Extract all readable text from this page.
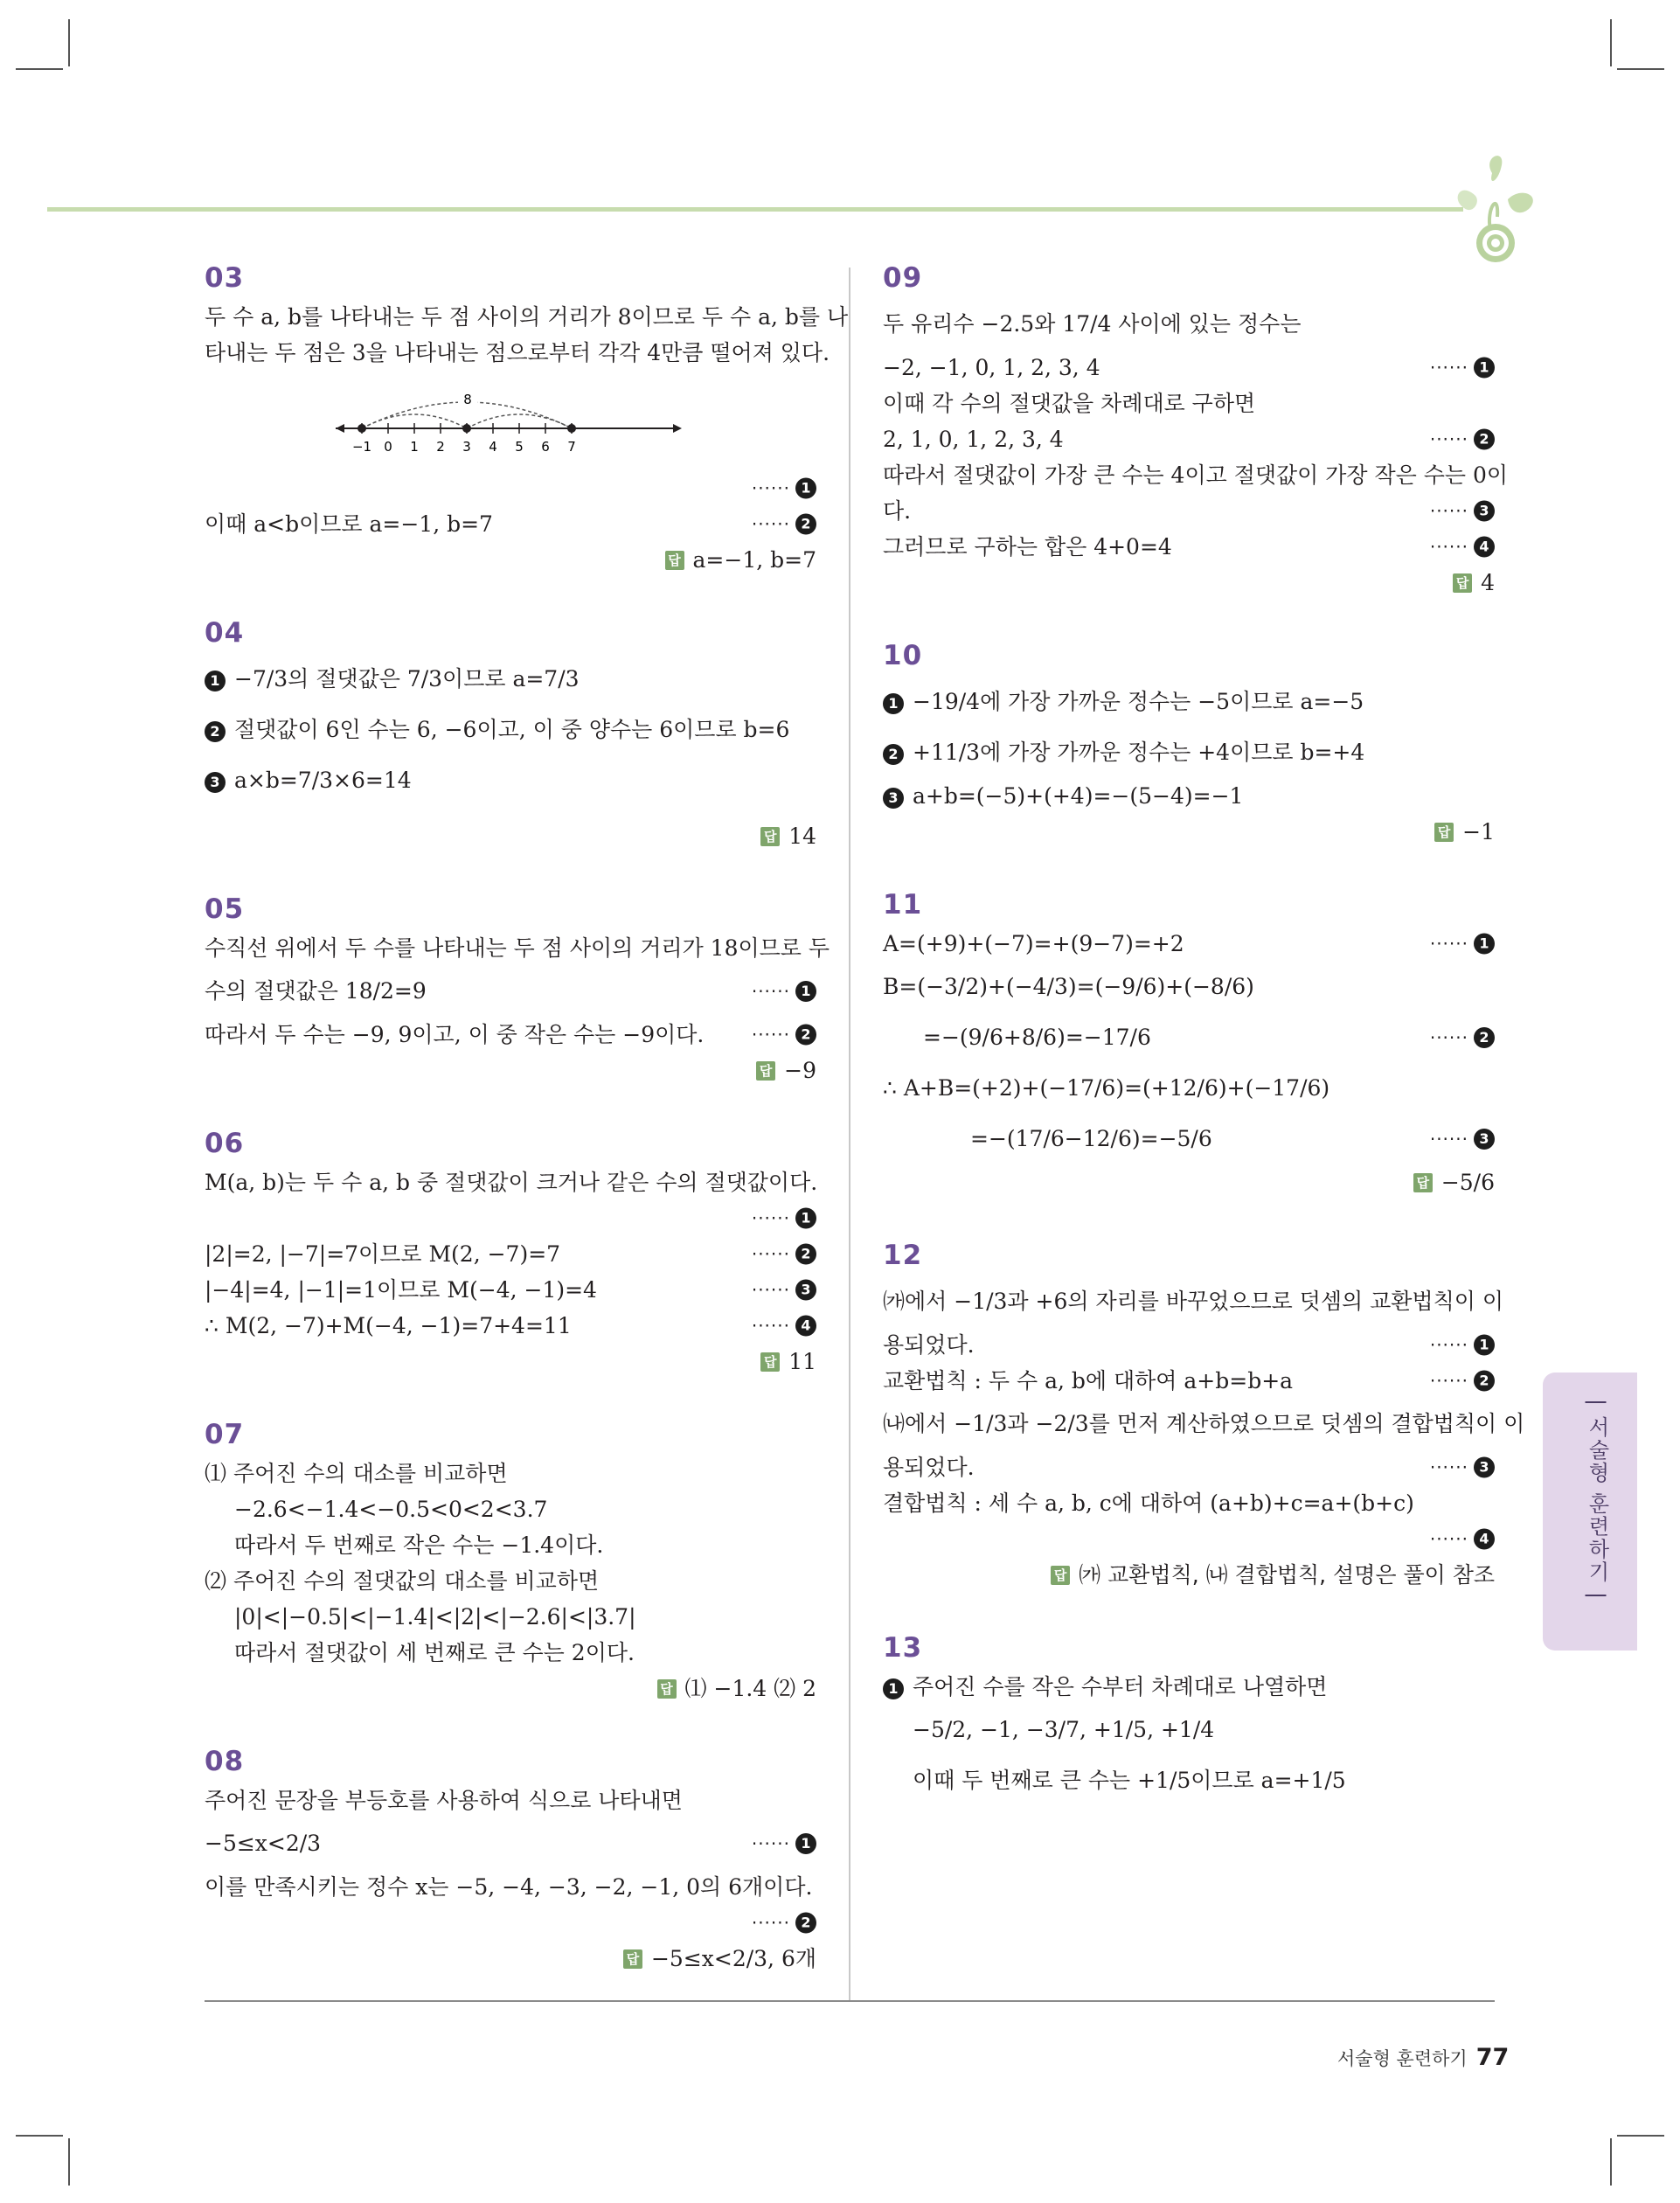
03
두 수 a, b를 나타내는 두 점 사이의 거리가 8이므로 두 수 a, b를 나
타내는 두 점은 3을 나타내는 점으로부터 각각 4만큼 떨어져 있다.
−1 0 1 2 3 4 5 6 7
8
······ 1
이때 a<b이므로 a=−1, b=7	······ 2
답 a=−1, b=7
04
1 −7/3의 절댓값은 7/3이므로 a=7/3
2 절댓값이 6인 수는 6, −6이고, 이 중 양수는 6이므로 b=6
3 a×b=7/3×6=14
답 14
05
수직선 위에서 두 수를 나타내는 두 점 사이의 거리가 18이므로 두
수의 절댓값은 18/2=9	······ 1
따라서 두 수는 −9, 9이고, 이 중 작은 수는 −9이다.	······ 2
답 −9
06
M(a, b)는 두 수 a, b 중 절댓값이 크거나 같은 수의 절댓값이다.
······ 1
|2|=2, |−7|=7이므로 M(2, −7)=7	······ 2
|−4|=4, |−1|=1이므로 M(−4, −1)=4	······ 3
∴ M(2, −7)+M(−4, −1)=7+4=11	······ 4
답 11
07
⑴ 주어진 수의 대소를 비교하면
−2.6<−1.4<−0.5<0<2<3.7
따라서 두 번째로 작은 수는 −1.4이다.
⑵ 주어진 수의 절댓값의 대소를 비교하면
|0|<|−0.5|<|−1.4|<|2|<|−2.6|<|3.7|
따라서 절댓값이 세 번째로 큰 수는 2이다.
답 ⑴ −1.4 ⑵ 2
08
주어진 문장을 부등호를 사용하여 식으로 나타내면
−5≤x<2/3	······ 1
이를 만족시키는 정수 x는 −5, −4, −3, −2, −1, 0의 6개이다.
······ 2
답 −5≤x<2/3, 6개
09
두 유리수 −2.5와 17/4 사이에 있는 정수는
−2, −1, 0, 1, 2, 3, 4	······ 1
이때 각 수의 절댓값을 차례대로 구하면
2, 1, 0, 1, 2, 3, 4	······ 2
따라서 절댓값이 가장 큰 수는 4이고 절댓값이 가장 작은 수는 0이
다.	······ 3
그러므로 구하는 합은 4+0=4	······ 4
답 4
10
1 −19/4에 가장 가까운 정수는 −5이므로 a=−5
2 +11/3에 가장 가까운 정수는 +4이므로 b=+4
3 a+b=(−5)+(+4)=−(5−4)=−1
답 −1
11
A=(+9)+(−7)=+(9−7)=+2	······ 1
B=(−3/2)+(−4/3)=(−9/6)+(−8/6)
=−(9/6+8/6)=−17/6	······ 2
∴ A+B=(+2)+(−17/6)=(+12/6)+(−17/6)
=−(17/6−12/6)=−5/6	······ 3
답 −5/6
12
㈎에서 −1/3과 +6의 자리를 바꾸었으므로 덧셈의 교환법칙이 이
용되었다.	······ 1
교환법칙 : 두 수 a, b에 대하여 a+b=b+a	······ 2
㈏에서 −1/3과 −2/3를 먼저 계산하였으므로 덧셈의 결합법칙이 이
용되었다.	······ 3
결합법칙 : 세 수 a, b, c에 대하여 (a+b)+c=a+(b+c)
······ 4
답 ㈎ 교환법칙, ㈏ 결합법칙, 설명은 풀이 참조
13
1 주어진 수를 작은 수부터 차례대로 나열하면
−5/2, −1, −3/7, +1/5, +1/4
이때 두 번째로 큰 수는 +1/5이므로 a=+1/5
| 서술형 훈련하기 |
서술형 훈련하기 77
